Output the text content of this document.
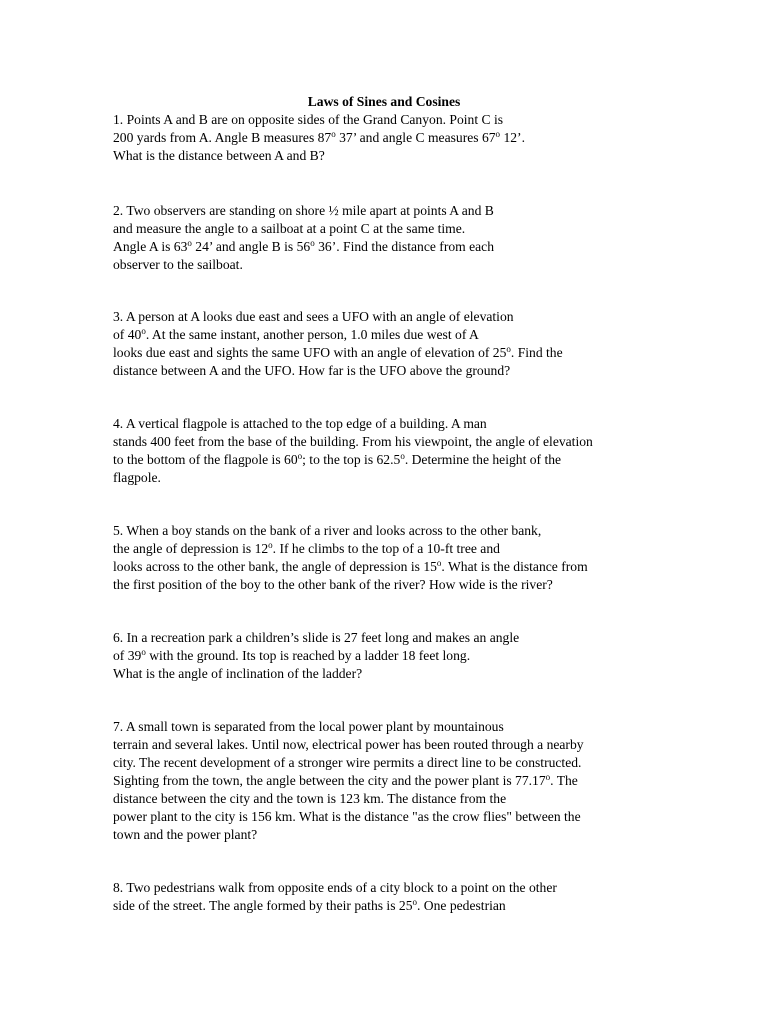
Laws of Sines and Cosines
1. Points A and B are on opposite sides of the Grand Canyon. Point C is
200 yards from A. Angle B measures 87$^o$ 37’ and angle C measures 67$^o$ 12’.
What is the distance between A and B?
2. Two observers are standing on shore ½ mile apart at points A and B
and measure the angle to a sailboat at a point C at the same time.
Angle A is 63$^o$ 24’ and angle B is 56$^o$ 36’. Find the distance from each
observer to the sailboat.
3. A person at A looks due east and sees a UFO with an angle of elevation
of 40$^o$. At the same instant, another person, 1.0 miles due west of A
looks due east and sights the same UFO with an angle of elevation of 25$^o$. Find the
distance between A and the UFO. How far is the UFO above the ground?
4. A vertical flagpole is attached to the top edge of a building. A man
stands 400 feet from the base of the building. From his viewpoint, the angle of elevation
to the bottom of the flagpole is 60$^o$; to the top is 62.5$^o$. Determine the height of the
flagpole.
5. When a boy stands on the bank of a river and looks across to the other bank,
the angle of depression is 12$^o$. If he climbs to the top of a 10-ft tree and
looks across to the other bank, the angle of depression is 15$^o$. What is the distance from
the first position of the boy to the other bank of the river? How wide is the river?
6. In a recreation park a children’s slide is 27 feet long and makes an angle
of 39$^o$ with the ground. Its top is reached by a ladder 18 feet long.
What is the angle of inclination of the ladder?
7. A small town is separated from the local power plant by mountainous
terrain and several lakes. Until now, electrical power has been routed through a nearby
city. The recent development of a stronger wire permits a direct line to be constructed.
Sighting from the town, the angle between the city and the power plant is 77.17$^o$. The
distance between the city and the town is 123 km. The distance from the
power plant to the city is 156 km. What is the distance "as the crow flies" between the
town and the power plant?
8. Two pedestrians walk from opposite ends of a city block to a point on the other
side of the street. The angle formed by their paths is 25$^o$. One pedestrian
